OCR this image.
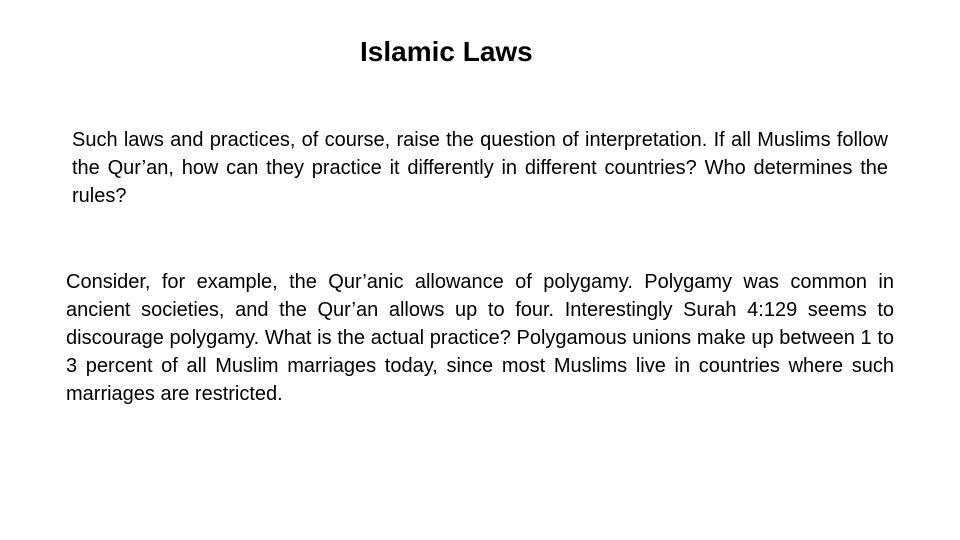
Islamic Laws

Such laws and practices, of course, raise the question of interpretation. If all Muslims follow the Qur’an, how can they practice it differently in different countries? Who determines the rules?

Consider, for example, the Qur’anic allowance of polygamy. Polygamy was common in ancient societies, and the Qur’an allows up to four. Interestingly Surah 4:129 seems to discourage polygamy. What is the actual practice? Polygamous unions make up between 1 to 3 percent of all Muslim marriages today, since most Muslims live in countries where such marriages are restricted.
